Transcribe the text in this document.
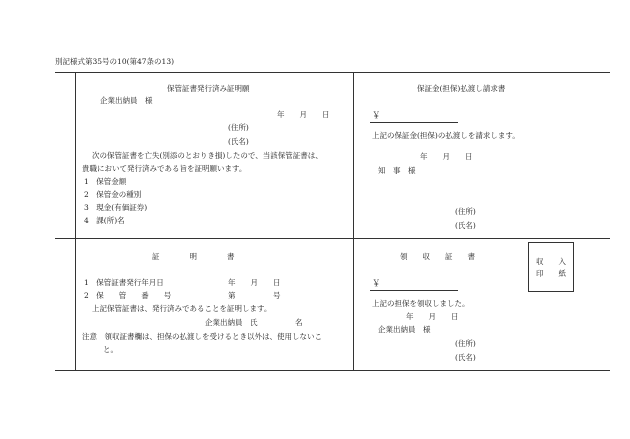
別記様式第35号の10(第47条の13)
保管証書発行済み証明願
企業出納員　様
年　　月　　日
(住所)
(氏名)
次の保管証書を亡失(別添のとおりき損)したので、当該保管証書は、
貴職において発行済みである旨を証明願います。
1　保管金額
2　保管金の種別
3　現金(有価証券)
4　課(所)名
保証金(担保)払渡し請求書
￥
上記の保証金(担保)の払渡しを請求します。
年　　月　　日
知　事　様
(住所)
(氏名)
証　　　　明　　　　書
1　保管証書発行年月日	年　　月　　日
2　保　　管　　番　　号	第　　　　　号
上記保管証書は、発行済みであることを証明します。
企業出納員　氏　　　　　名
注意　領収証書欄は、担保の払渡しを受けるとき以外は、使用しないこ
と。
領　　収　　証　　書
収　　入
印　　紙
￥
上記の担保を領収しました。
年　　月　　日
企業出納員　様
(住所)
(氏名)
